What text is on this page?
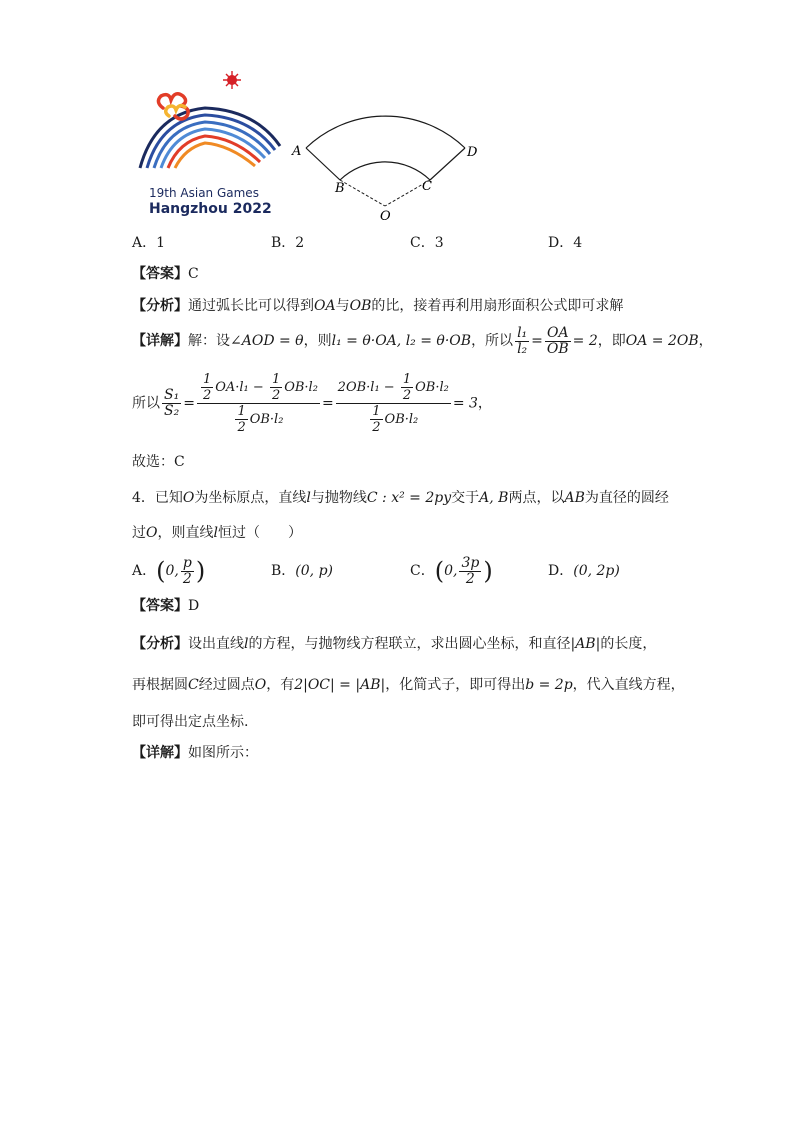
19th Asian Games
Hangzhou 2022
A	D
B	C
O
A．1	B．2	C．3	D．4
【答案】C
【分析】通过弧长比可以得到OA与OB的比，接着再利用扇形面积公式即可求解
【详解】解：设∠AOD = θ，则l₁ = θ·OA, l₂ = θ·OB，所以 $\frac{\text{l₁}}{\text{l₂}} = \frac{OA}{OB} = 2$，即OA = 2OB，
所以 $\frac{\text{S₁}}{\text{S₂}} = \frac{\frac{1}{2} OA\cdot l_1 - \frac{1}{2} OB\cdot l_2}{\frac{1}{2} OB\cdot l_2} = \frac{2OB\cdot l_1 - \frac{1}{2} OB\cdot l_2}{\frac{1}{2} OB\cdot l_2} = 3$，
故选：C
4．已知O为坐标原点，直线l与抛物线C : x² = 2py交于A, B两点，以AB为直径的圆经
过O，则直线l恒过（　　）
A．(0, $\frac{p}{2}$ )	B．(0, p)	C．(0, $\frac{3p}{2}$ )	D．(0, 2p)
【答案】D
【分析】设出直线l的方程，与抛物线方程联立，求出圆心坐标，和直径|AB|的长度，
再根据圆C经过圆点O，有2|OC| = |AB|，化简式子，即可得出b = 2p，代入直线方程，
即可得出定点坐标.
【详解】如图所示：
